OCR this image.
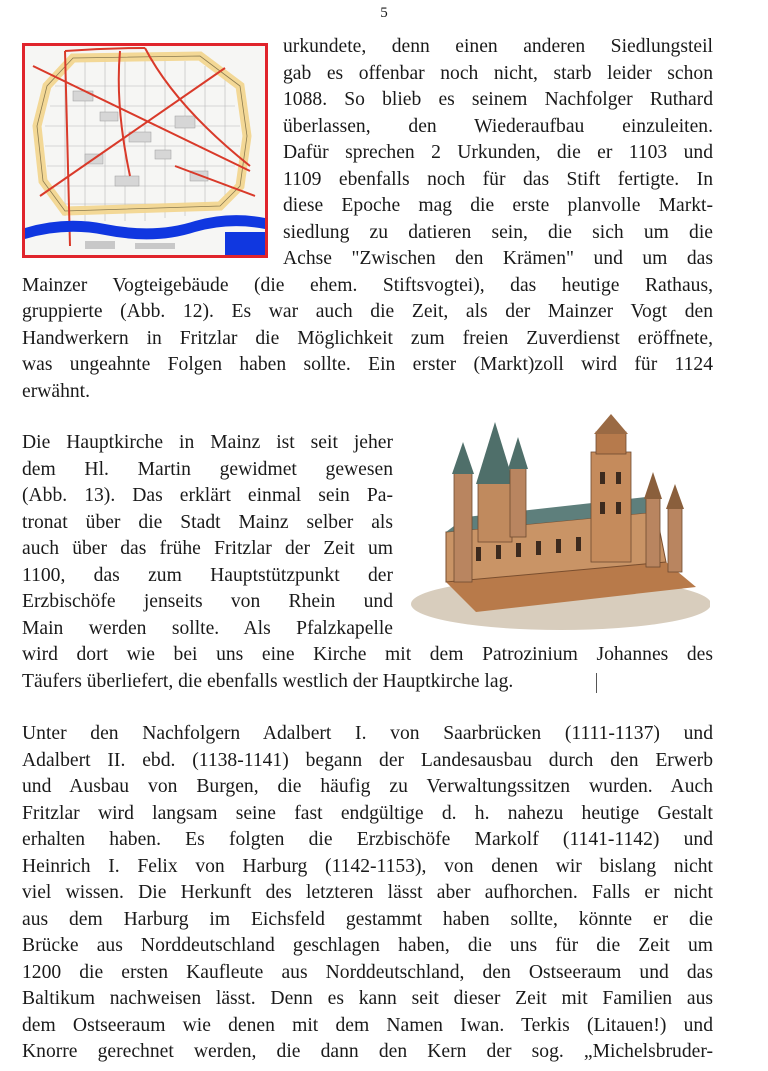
5
urkundete, denn einen anderen Siedlungsteil
gab es offenbar noch nicht, starb leider schon
1088. So blieb es seinem Nachfolger Ruthard
überlassen, den Wiederaufbau einzuleiten.
Dafür sprechen 2 Urkunden, die er 1103 und
1109 ebenfalls noch für das Stift fertigte. In
diese Epoche mag die erste planvolle Markt-
siedlung zu datieren sein, die sich um die
Achse "Zwischen den Krämen" und um das
Mainzer Vogteigebäude (die ehem. Stiftsvogtei), das heutige Rathaus,
gruppierte (Abb. 12). Es war auch die Zeit, als der Mainzer Vogt den
Handwerkern in Fritzlar die Möglichkeit zum freien Zuverdienst eröffnete,
was ungeahnte Folgen haben sollte. Ein erster (Markt)zoll wird für 1124
erwähnt.
Die Hauptkirche in Mainz ist seit jeher
dem Hl. Martin gewidmet gewesen
(Abb. 13). Das erklärt einmal sein Pa-
tronat über die Stadt Mainz selber als
auch über das frühe Fritzlar der Zeit um
1100, das zum Hauptstützpunkt der
Erzbischöfe jenseits von Rhein und
Main werden sollte. Als Pfalzkapelle
wird dort wie bei uns eine Kirche mit dem Patrozinium Johannes des
Täufers überliefert, die ebenfalls westlich der Hauptkirche lag.
Unter den Nachfolgern Adalbert I. von Saarbrücken (1111-1137) und
Adalbert II. ebd. (1138-1141) begann der Landesausbau durch den Erwerb
und Ausbau von Burgen, die häufig zu Verwaltungssitzen wurden. Auch
Fritzlar wird langsam seine fast endgültige d. h. nahezu heutige Gestalt
erhalten haben. Es folgten die Erzbischöfe Markolf (1141-1142) und
Heinrich I. Felix von Harburg (1142-1153), von denen wir bislang nicht
viel wissen. Die Herkunft des letzteren lässt aber aufhorchen. Falls er nicht
aus dem Harburg im Eichsfeld gestammt haben sollte, könnte er die
Brücke aus Norddeutschland geschlagen haben, die uns für die Zeit um
1200 die ersten Kaufleute aus Norddeutschland, den Ostseeraum und das
Baltikum nachweisen lässt. Denn es kann seit dieser Zeit mit Familien aus
dem Ostseeraum wie denen mit dem Namen Iwan. Terkis (Litauen!) und
Knorre gerechnet werden, die dann den Kern der sog. „Michelsbruder-
